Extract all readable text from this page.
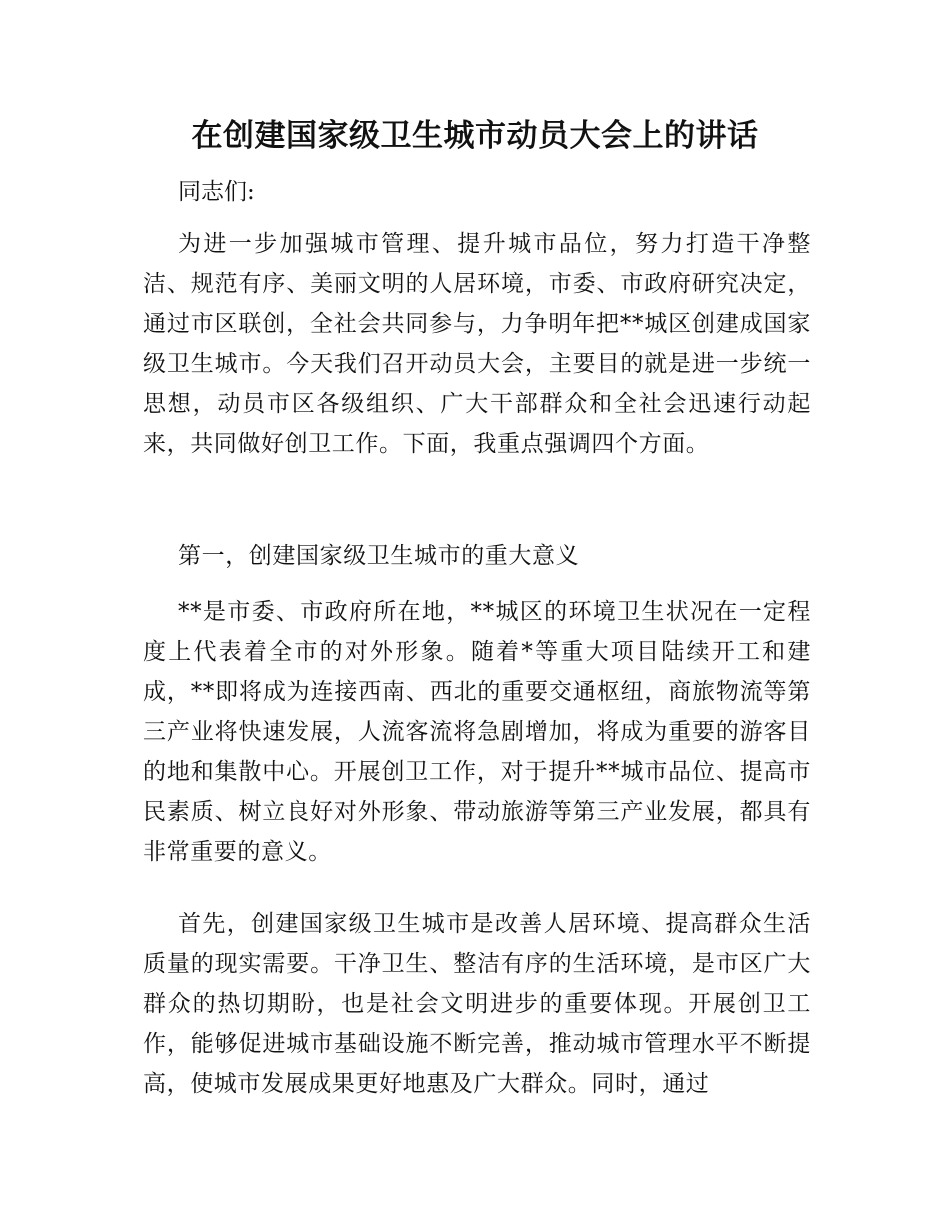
在创建国家级卫生城市动员大会上的讲话

同志们:

为进一步加强城市管理、提升城市品位，努力打造干净整洁、规范有序、美丽文明的人居环境，市委、市政府研究决定，通过市区联创，全社会共同参与，力争明年把**城区创建成国家级卫生城市。今天我们召开动员大会，主要目的就是进一步统一思想，动员市区各级组织、广大干部群众和全社会迅速行动起来，共同做好创卫工作。下面，我重点强调四个方面。

第一，创建国家级卫生城市的重大意义

**是市委、市政府所在地，**城区的环境卫生状况在一定程度上代表着全市的对外形象。随着*等重大项目陆续开工和建成，**即将成为连接西南、西北的重要交通枢纽，商旅物流等第三产业将快速发展，人流客流将急剧增加，将成为重要的游客目的地和集散中心。开展创卫工作，对于提升**城市品位、提高市民素质、树立良好对外形象、带动旅游等第三产业发展，都具有非常重要的意义。

首先，创建国家级卫生城市是改善人居环境、提高群众生活质量的现实需要。干净卫生、整洁有序的生活环境，是市区广大群众的热切期盼，也是社会文明进步的重要体现。开展创卫工作，能够促进城市基础设施不断完善，推动城市管理水平不断提高，使城市发展成果更好地惠及广大群众。同时，通过
